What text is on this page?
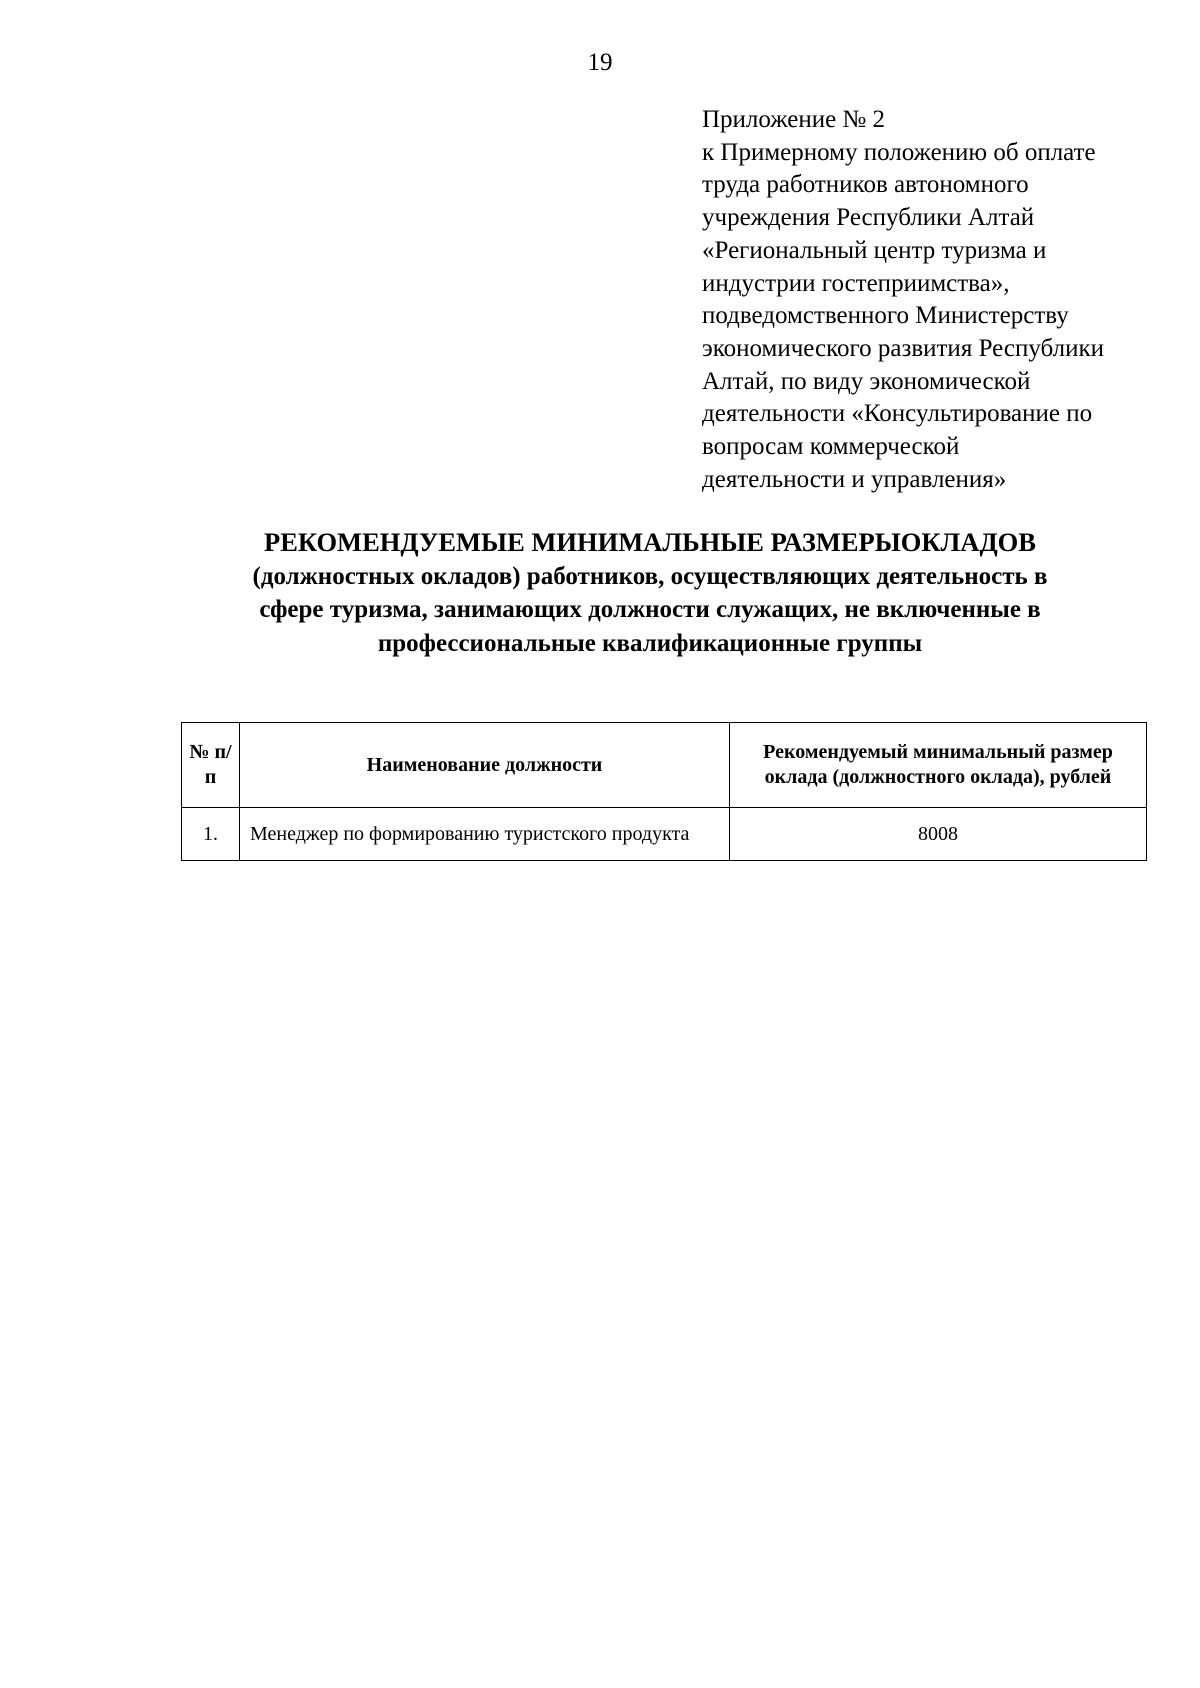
19
Приложение № 2
к Примерному положению об оплате
труда работников автономного
учреждения Республики Алтай
«Региональный центр туризма и
индустрии гостеприимства»,
подведомственного Министерству
экономического развития Республики
Алтай, по виду экономической
деятельности «Консультирование по
вопросам коммерческой
деятельности и управления»
РЕКОМЕНДУЕМЫЕ МИНИМАЛЬНЫЕ РАЗМЕРЫОКЛАДОВ
(должностных окладов) работников, осуществляющих деятельность в
сфере туризма, занимающих должности служащих, не включенные в
профессиональные квалификационные группы
№ п/п	Наименование должности	Рекомендуемый минимальный размер оклада (должностного оклада), рублей
1.	Менеджер по формированию туристского продукта	8008
